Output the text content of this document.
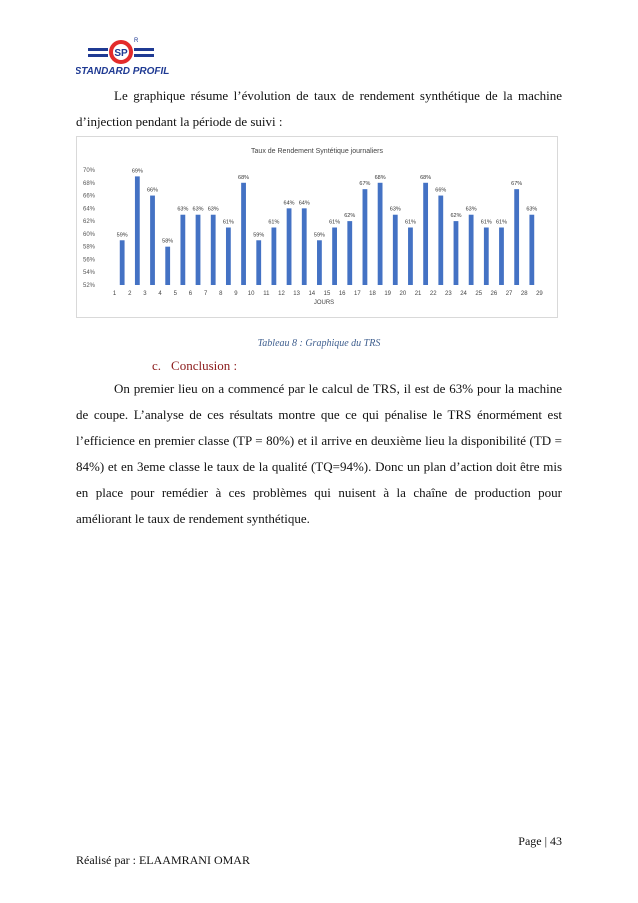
SP
R
STANDARD PROFIL

Le graphique résume l’évolution de taux de rendement synthétique de la machine d’injection pendant la période de suivi :

Taux de Rendement Syntétique journaliers
JOURS
52%
54%
56%
58%
60%
62%
64%
66%
68%
70%
59%
69%
66%
58%
63% 63% 63%
61%
68%
59%
61%
64% 64%
59%
61%
62%
67%
68%
63%
61%
68%
66%
62%
63%
61% 61%
67%
63%
1 2 3 4 5 6 7 8 9 10 11 12 13 14 15 16 17 18 19 20 21 22 23 24 25 26 27 28 29
Tableau 8 : Graphique du TRS
c. Conclusion :

On premier lieu on a commencé par le calcul de TRS, il est de 63% pour la machine de coupe. L’analyse de ces résultats montre que ce qui pénalise le TRS énormément est l’efficience en premier classe (TP = 80%) et il arrive en deuxième lieu la disponibilité (TD = 84%) et en 3eme classe le taux de la qualité (TQ=94%). Donc un plan d’action doit être mis en place pour remédier à ces problèmes qui nuisent à la chaîne de production pour améliorant le taux de rendement synthétique.

Page | 43
Réalisé par : ELAAMRANI OMAR
